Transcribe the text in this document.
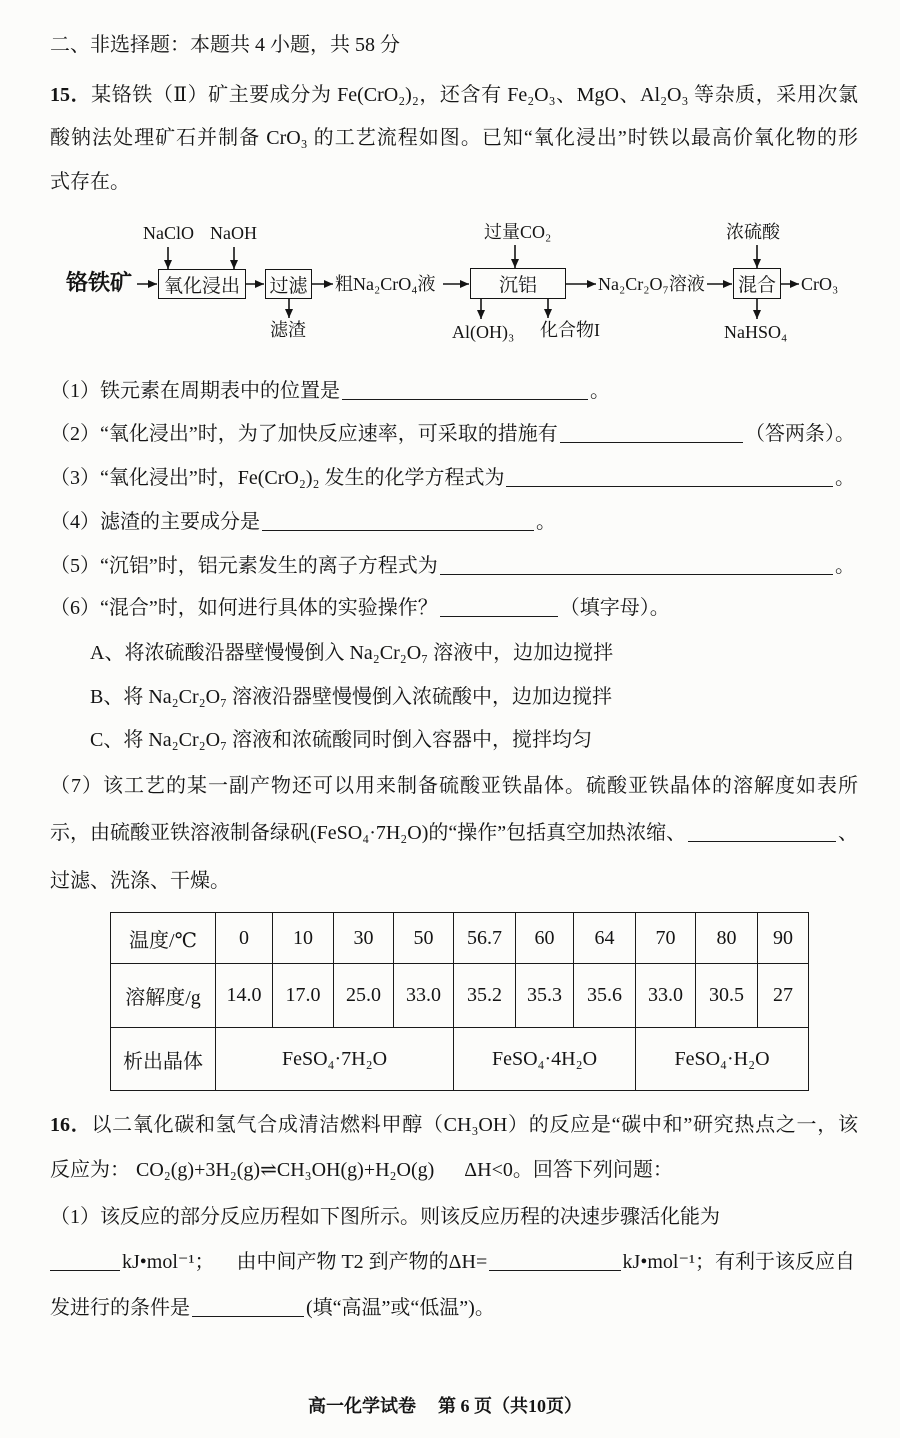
二、非选择题：本题共 4 小题，共 58 分
15．某铬铁（Ⅱ）矿主要成分为 Fe(CrO₂)₂，还含有 Fe₂O₃、MgO、Al₂O₃ 等杂质，采用次氯
酸钠法处理矿石并制备 CrO₃ 的工艺流程如图。已知“氧化浸出”时铁以最高价氧化物的形
式存在。
NaClO NaOH	过量CO₂	浓硫酸
铬铁矿	氧化浸出	过滤 粗Na₂CrO₄液	沉铝	Na₂Cr₂O₇溶液 混合 CrO₃
滤渣	Al(OH)₃ 化合物I	NaHSO₄
（1）铁元素在周期表中的位置是	。
（2）“氧化浸出”时，为了加快反应速率，可采取的措施有	（答两条）。
（3）“氧化浸出”时，Fe(CrO₂)₂ 发生的化学方程式为	。
（4）滤渣的主要成分是	。
（5）“沉铝”时，铝元素发生的离子方程式为	。
（6）“混合”时，如何进行具体的实验操作？	（填字母）。
A、将浓硫酸沿器壁慢慢倒入 Na₂Cr₂O₇ 溶液中，边加边搅拌
B、将 Na₂Cr₂O₇ 溶液沿器壁慢慢倒入浓硫酸中，边加边搅拌
C、将 Na₂Cr₂O₇ 溶液和浓硫酸同时倒入容器中，搅拌均匀
（7）该工艺的某一副产物还可以用来制备硫酸亚铁晶体。硫酸亚铁晶体的溶解度如表所
示，由硫酸亚铁溶液制备绿矾(FeSO₄·7H₂O)的“操作”包括真空加热浓缩、	、
过滤、洗涤、干燥。
温度/℃	0	10	30	50	56.7	60	64	70	80	90
溶解度/g	14.0	17.0	25.0	33.0	35.2	35.3	35.6	33.0	30.5	27
析出晶体	FeSO₄·7H₂O				FeSO₄·4H₂O			FeSO₄·H₂O		
16．以二氧化碳和氢气合成清洁燃料甲醇（CH₃OH）的反应是“碳中和”研究热点之一，该
反应为： CO₂(g)+3H₂(g)⇌CH₃OH(g)+H₂O(g) ΔH<0。回答下列问题：
（1）该反应的部分反应历程如下图所示。则该反应历程的决速步骤活化能为
kJ•mol⁻¹； 由中间产物 T2 到产物的ΔH=	kJ•mol⁻¹；有利于该反应自
发进行的条件是	(填“高温”或“低温”)。
高一化学试卷 第 6 页（共10页）
